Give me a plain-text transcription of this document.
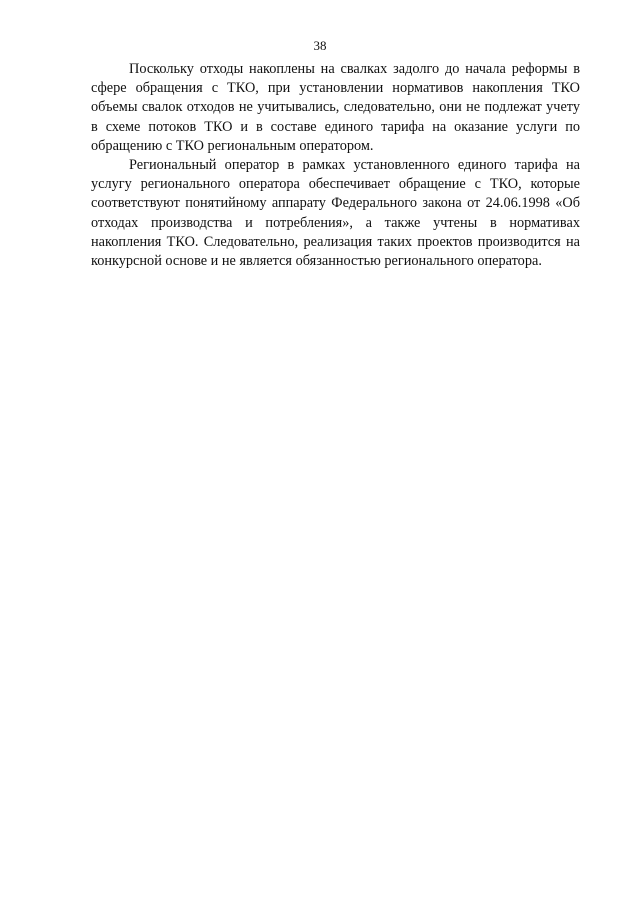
38

Поскольку отходы накоплены на свалках задолго до начала реформы в сфере обращения с ТКО, при установлении нормативов накопления ТКО объемы свалок отходов не учитывались, следовательно, они не подлежат учету в схеме потоков ТКО и в составе единого тарифа на оказание услуги по обращению с ТКО региональным оператором.

Региональный оператор в рамках установленного единого тарифа на услугу регионального оператора обеспечивает обращение с ТКО, которые соответствуют понятийному аппарату Федерального закона от 24.06.1998 «Об отходах производства и потребления», а также учтены в нормативах накопления ТКО. Следовательно, реализация таких проектов производится на конкурсной основе и не является обязанностью регионального оператора.
